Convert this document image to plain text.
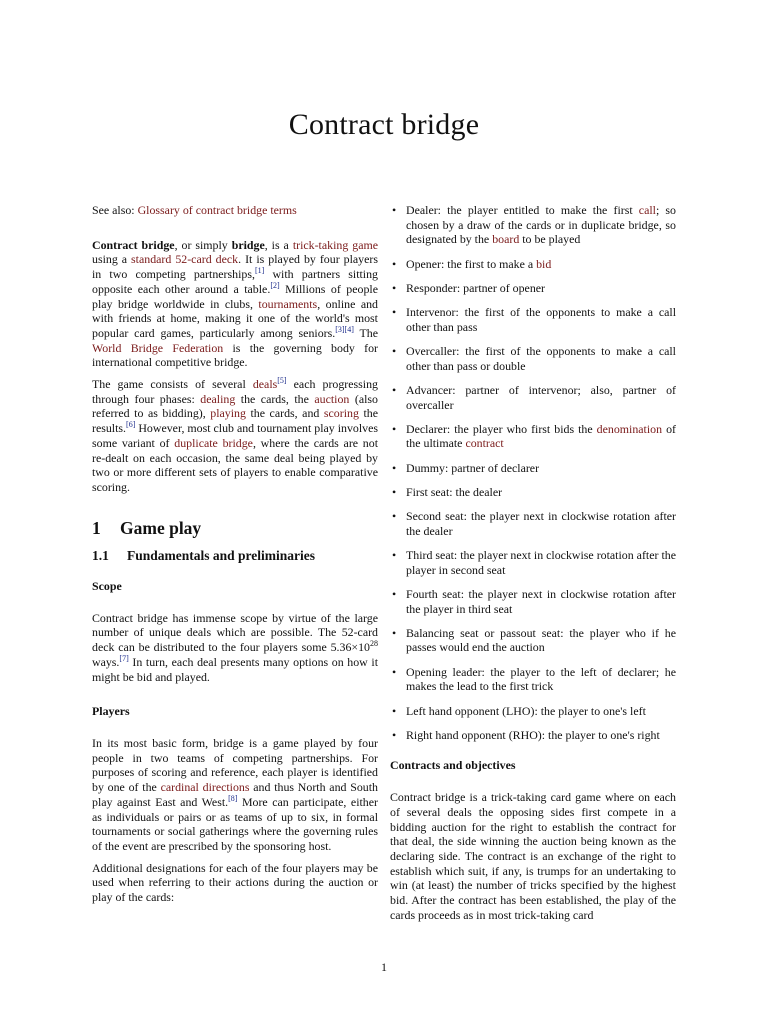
Contract bridge

See also: Glossary of contract bridge terms

Contract bridge, or simply bridge, is a trick-taking game using a standard 52-card deck. It is played by four players in two competing partnerships,[1] with partners sitting opposite each other around a table.[2] Millions of people play bridge worldwide in clubs, tournaments, online and with friends at home, making it one of the world's most popular card games, particularly among seniors.[3][4] The World Bridge Federation is the governing body for international competitive bridge.

The game consists of several deals[5] each progressing through four phases: dealing the cards, the auction (also referred to as bidding), playing the cards, and scoring the results.[6] However, most club and tournament play involves some variant of duplicate bridge, where the cards are not re-dealt on each occasion, the same deal being played by two or more different sets of players to enable comparative scoring.

1 Game play
1.1 Fundamentals and preliminaries
Scope

Contract bridge has immense scope by virtue of the large number of unique deals which are possible. The 52-card deck can be distributed to the four players some $5.36\times 10^{28}$ ways.[7] In turn, each deal presents many options on how it might be bid and played.

Players

In its most basic form, bridge is a game played by four people in two teams of competing partnerships. For purposes of scoring and reference, each player is identified by one of the cardinal directions and thus North and South play against East and West.[8] More can participate, either as individuals or pairs or as teams of up to six, in formal tournaments or social gatherings where the governing rules of the event are prescribed by the sponsoring host.

Additional designations for each of the four players may be used when referring to their actions during the auction or play of the cards:

• Dealer: the player entitled to make the first call; so chosen by a draw of the cards or in duplicate bridge, so designated by the board to be played
• Opener: the first to make a bid
• Responder: partner of opener
• Intervenor: the first of the opponents to make a call other than pass
• Overcaller: the first of the opponents to make a call other than pass or double
• Advancer: partner of intervenor; also, partner of overcaller
• Declarer: the player who first bids the denomination of the ultimate contract
• Dummy: partner of declarer
• First seat: the dealer
• Second seat: the player next in clockwise rotation after the dealer
• Third seat: the player next in clockwise rotation after the player in second seat
• Fourth seat: the player next in clockwise rotation after the player in third seat
• Balancing seat or passout seat: the player who if he passes would end the auction
• Opening leader: the player to the left of declarer; he makes the lead to the first trick
• Left hand opponent (LHO): the player to one's left
• Right hand opponent (RHO): the player to one's right
Contracts and objectives

Contract bridge is a trick-taking card game where on each of several deals the opposing sides first compete in a bidding auction for the right to establish the contract for that deal, the side winning the auction being known as the declaring side. The contract is an exchange of the right to establish which suit, if any, is trumps for an undertaking to win (at least) the number of tricks specified by the highest bid. After the contract has been established, the play of the cards proceeds as in most trick-taking card

1
